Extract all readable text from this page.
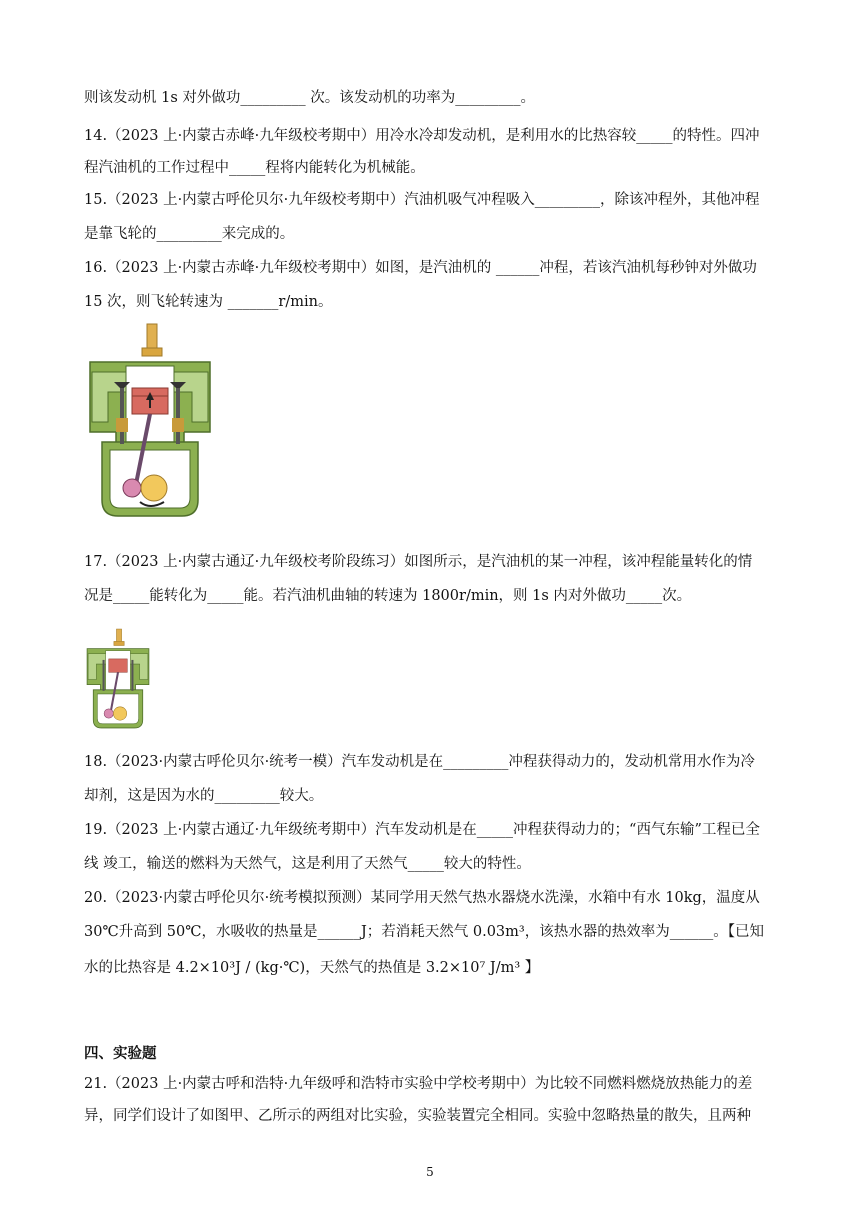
则该发动机 1s 对外做功_________ 次。该发动机的功率为_________。
14.（2023 上·内蒙古赤峰·九年级校考期中）用冷水冷却发动机，是利用水的比热容较_____的特性。四冲
程汽油机的工作过程中_____程将内能转化为机械能。
15.（2023 上·内蒙古呼伦贝尔·九年级校考期中）汽油机吸气冲程吸入_________，除该冲程外，其他冲程
是靠飞轮的_________来完成的。
16.（2023 上·内蒙古赤峰·九年级校考期中）如图，是汽油机的 ______冲程，若该汽油机每秒钟对外做功
15 次，则飞轮转速为 _______r/min。
17.（2023 上·内蒙古通辽·九年级校考阶段练习）如图所示，是汽油机的某一冲程，该冲程能量转化的情
18.（2023·内蒙古呼伦贝尔·统考一模）汽车发动机是在_________冲程获得动力的，发动机常用水作为冷
却剂，这是因为水的_________较大。
19.（2023 上·内蒙古通辽·九年级统考期中）汽车发动机是在_____冲程获得动力的；“西气东输”工程已全
线 竣工，输送的燃料为天然气，这是利用了天然气_____较大的特性。
20.（2023·内蒙古呼伦贝尔·统考模拟预测）某同学用天然气热水器烧水洗澡，水箱中有水 10kg，温度从
30℃升高到 50℃，水吸收的热量是______J；若消耗天然气 0.03m³，该热水器的热效率为______。【已知
水的比热容是 4.2×10³J / (kg·℃)，天然气的热值是 3.2×10⁷ J/m³ 】
四、实验题
21.（2023 上·内蒙古呼和浩特·九年级呼和浩特市实验中学校考期中）为比较不同燃料燃烧放热能力的差
异，同学们设计了如图甲、乙所示的两组对比实验，实验装置完全相同。实验中忽略热量的散失，且两种
5
况是_____能转化为_____能。若汽油机曲轴的转速为 1800r/min，则 1s 内对外做功_____次。
